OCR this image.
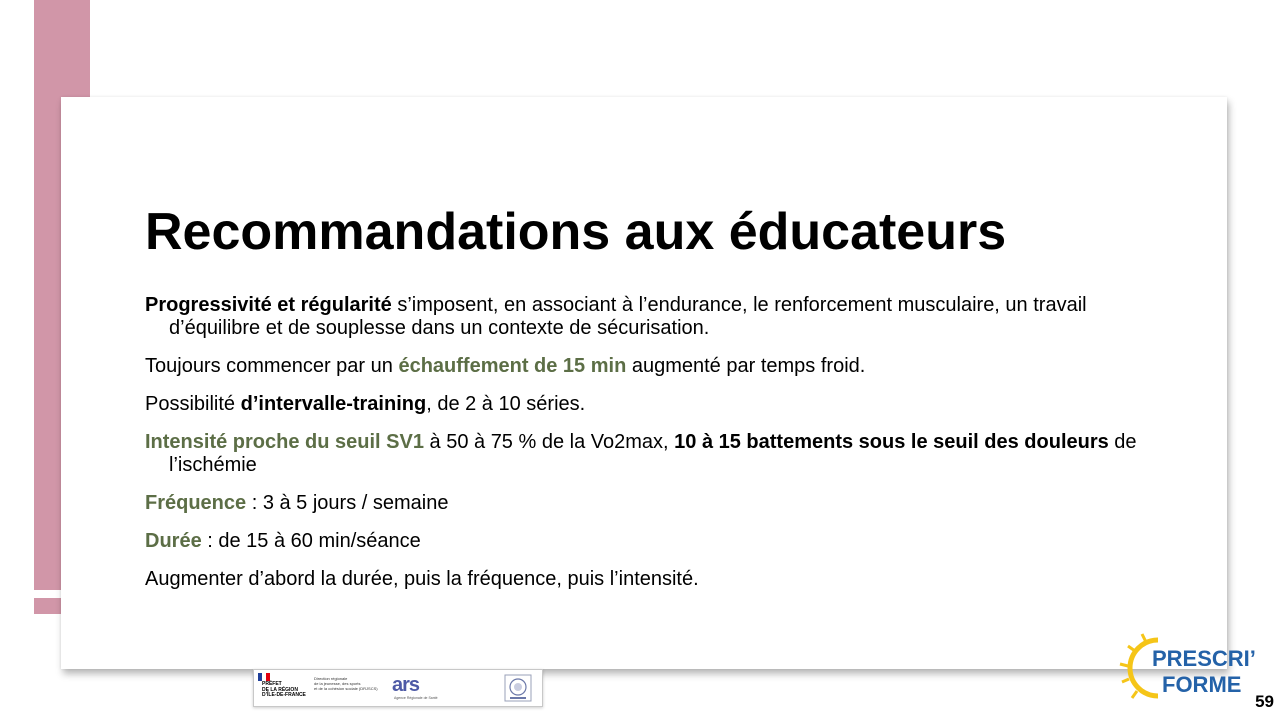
Recommandations aux éducateurs

Progressivité et régularité s’imposent, en associant à l’endurance, le renforcement musculaire, un travail d’équilibre et de souplesse dans un contexte de sécurisation.

Toujours commencer par un échauffement de 15 min augmenté par temps froid.

Possibilité d’intervalle-training, de 2 à 10 séries.

Intensité proche du seuil SV1 à 50 à 75 % de la Vo2max, 10 à 15 battements sous le seuil des douleurs de l’ischémie

Fréquence : 3 à 5 jours / semaine

Durée : de 15 à 60 min/séance

Augmenter d’abord la durée, puis la fréquence, puis l’intensité.

PRÉFET
DE LA RÉGION
D’ÎLE-DE-FRANCE
Direction régionale
de la jeunesse, des sports
et de la cohésion sociale (DRJSCS) ars
Agence Régionale de Santé
PRESCRI’
FORME
59
